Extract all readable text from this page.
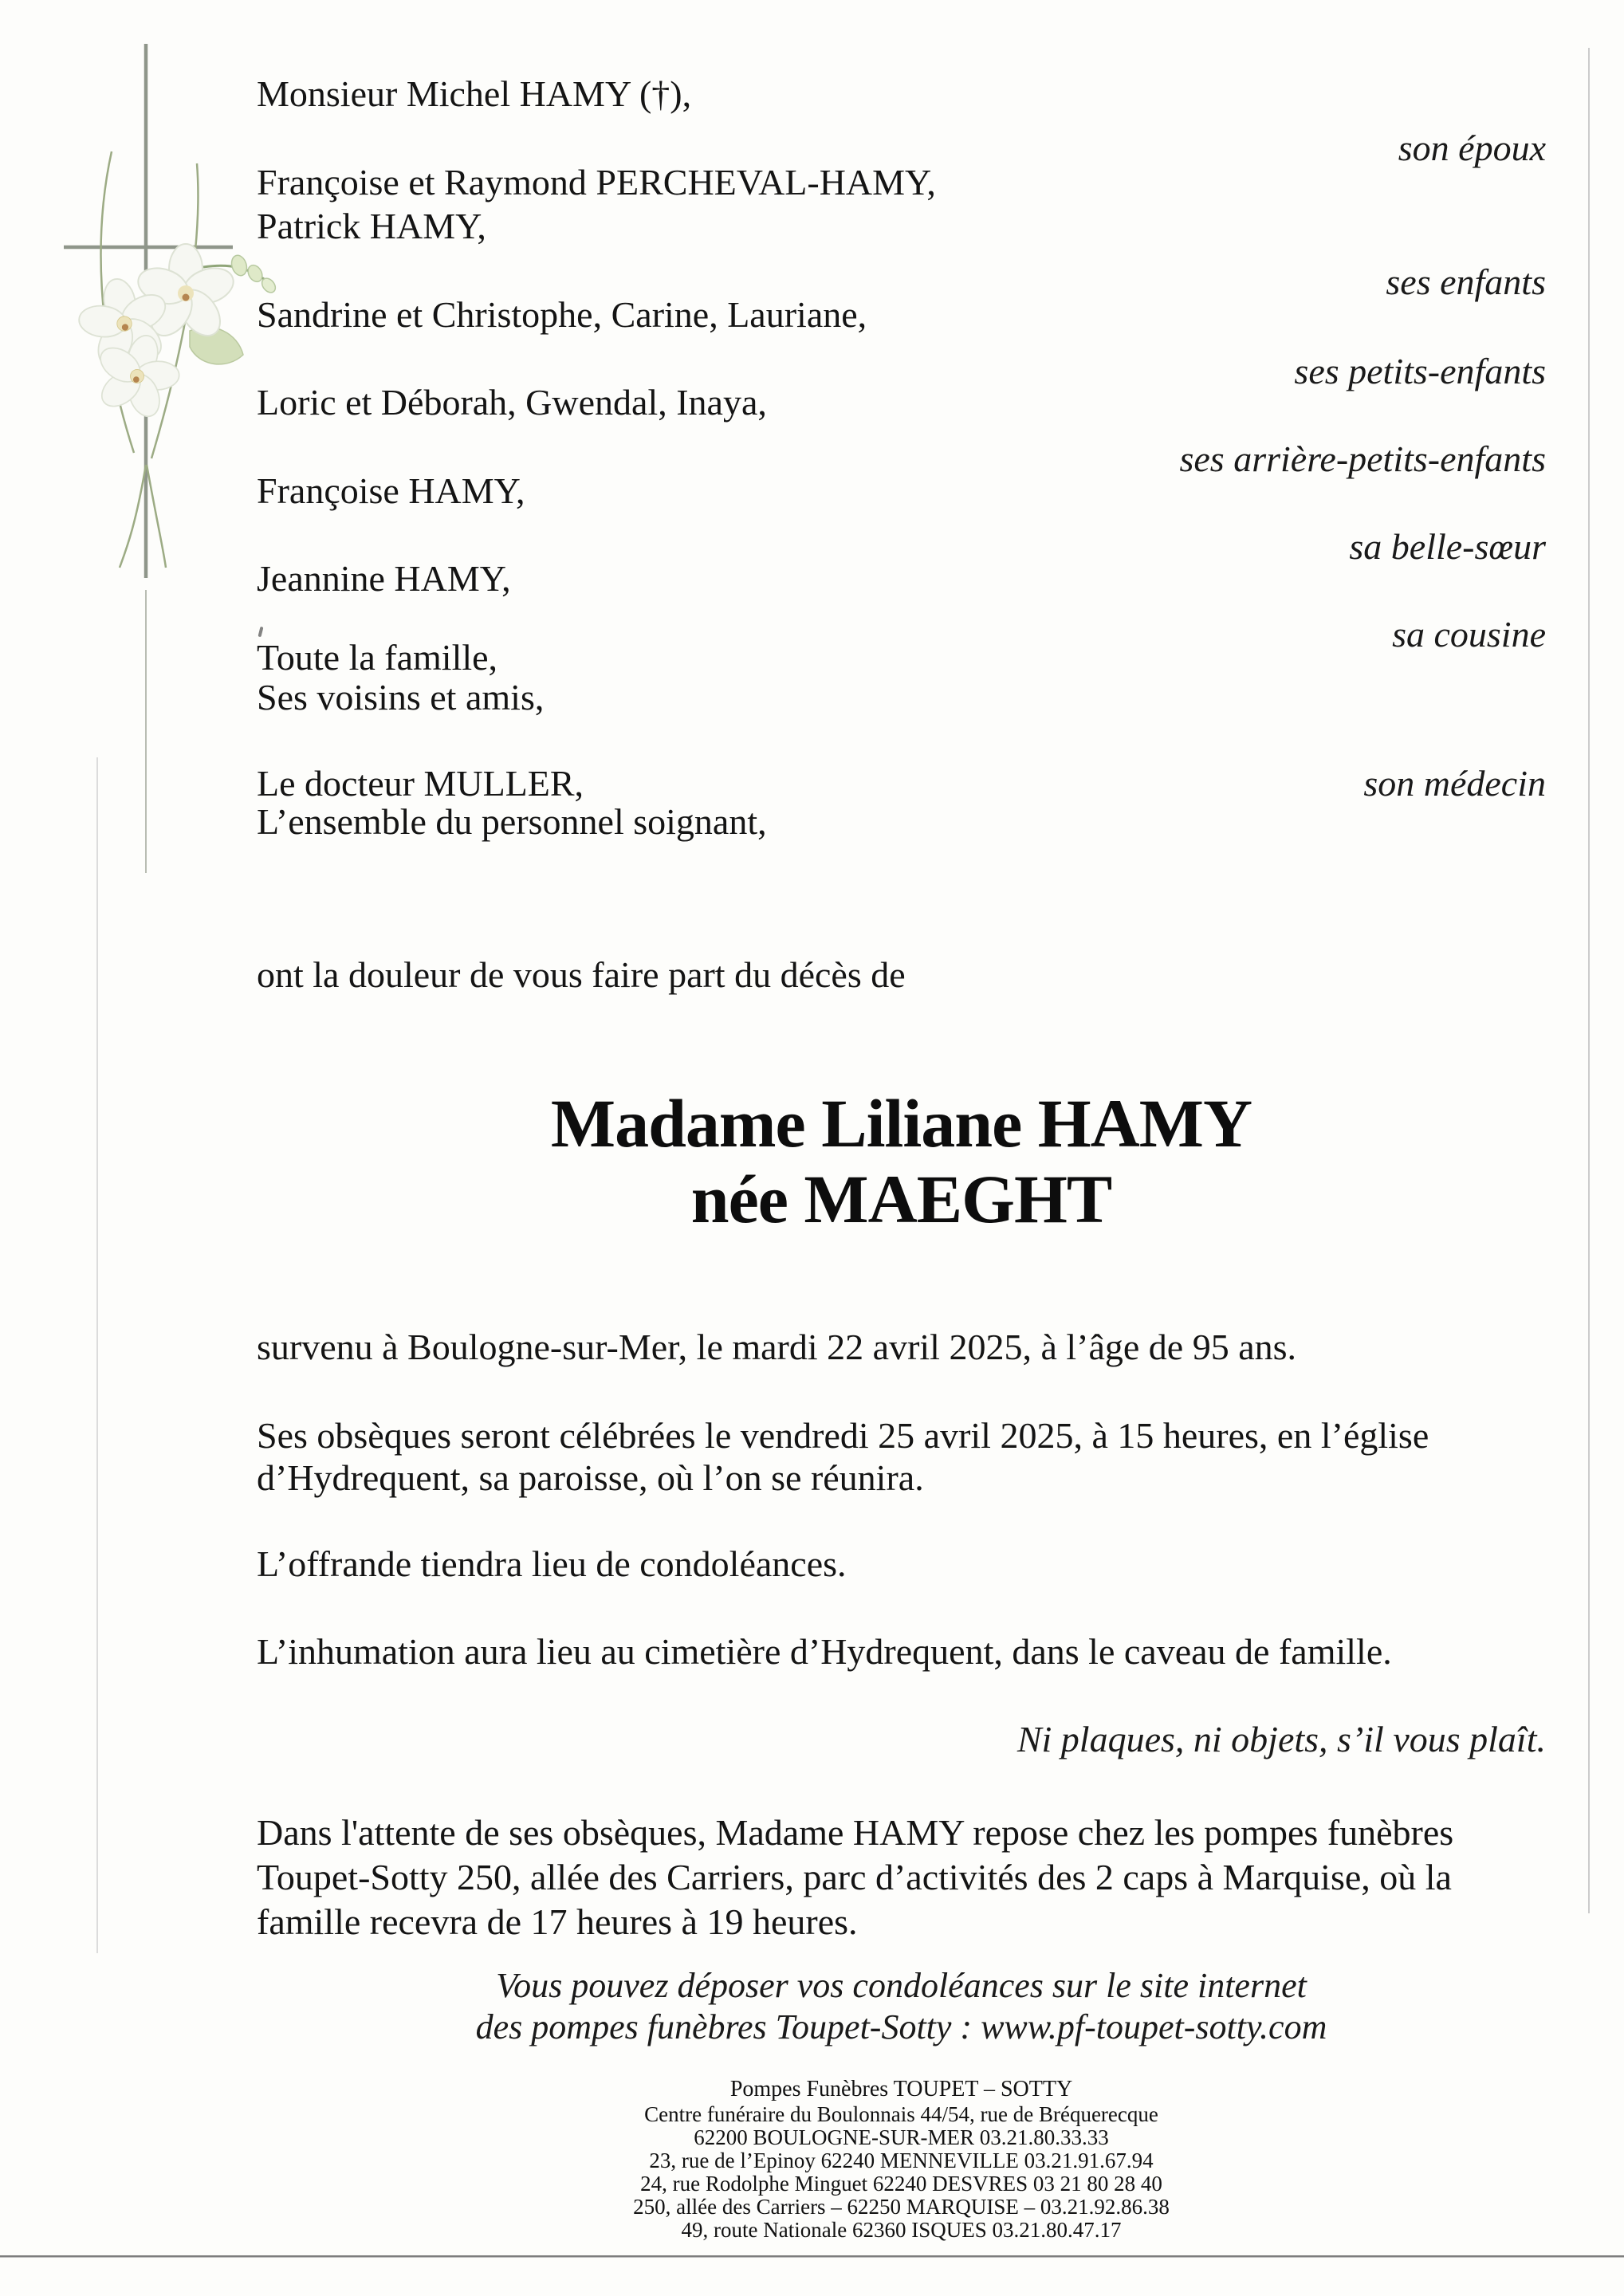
Monsieur Michel HAMY (†),
son époux
Françoise et Raymond PERCHEVAL-HAMY,
Patrick HAMY,
ses enfants
Sandrine et Christophe, Carine, Lauriane,
ses petits-enfants
Loric et Déborah, Gwendal, Inaya,
ses arrière-petits-enfants
Françoise HAMY,
sa belle-sœur
Jeannine HAMY,
sa cousine
Toute la famille,
Ses voisins et amis,
Le docteur MULLER,	son médecin
L’ensemble du personnel soignant,
ont la douleur de vous faire part du décès de
Madame Liliane HAMY
née MAEGHT
survenu à Boulogne-sur-Mer, le mardi 22 avril 2025, à l’âge de 95 ans.
Ses obsèques seront célébrées le vendredi 25 avril 2025, à 15 heures, en l’église
d’Hydrequent, sa paroisse, où l’on se réunira.
L’offrande tiendra lieu de condoléances.
L’inhumation aura lieu au cimetière d’Hydrequent, dans le caveau de famille.
Ni plaques, ni objets, s’il vous plaît.
Dans l'attente de ses obsèques, Madame HAMY repose chez les pompes funèbres
Toupet-Sotty 250, allée des Carriers, parc d’activités des 2 caps à Marquise, où la
famille recevra de 17 heures à 19 heures.
Vous pouvez déposer vos condoléances sur le site internet
des pompes funèbres Toupet-Sotty : www.pf-toupet-sotty.com
Pompes Funèbres TOUPET – SOTTY
Centre funéraire du Boulonnais 44/54, rue de Bréquerecque
62200 BOULOGNE-SUR-MER 03.21.80.33.33
23, rue de l’Epinoy 62240 MENNEVILLE 03.21.91.67.94
24, rue Rodolphe Minguet 62240 DESVRES 03 21 80 28 40
250, allée des Carriers – 62250 MARQUISE – 03.21.92.86.38
49, route Nationale 62360 ISQUES 03.21.80.47.17
